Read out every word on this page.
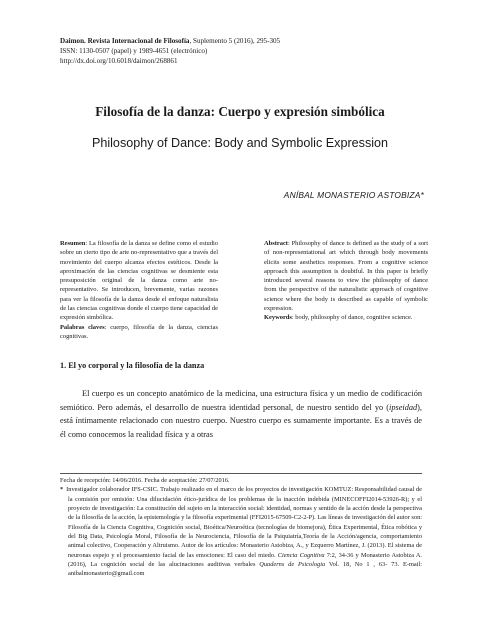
Daimon. Revista Internacional de Filosofía, Suplemento 5 (2016), 295-305
ISSN: 1130-0507 (papel) y 1989-4651 (electrónico)
http://dx.doi.org/10.6018/daimon/268861
Filosofía de la danza: Cuerpo y expresión simbólica
Philosophy of Dance: Body and Symbolic Expression
ANÍBAL MONASTERIO ASTOBIZA*
Resumen: La filosofía de la danza se define como el estudio sobre un cierto tipo de arte no-representativo que a través del movimiento del cuerpo alcanza efectos estéticos. Desde la aproximación de las ciencias cognitivas se desmiente esta presuposición original de la danza como arte no-representativo. Se introducen, brevemente, varias razones para ver la filosofía de la danza desde el enfoque naturalista de las ciencias cognitivas donde el cuerpo tiene capacidad de expresión simbólica.
Palabras claves: cuerpo, filosofía de la danza, ciencias cognitivas.
Abstract: Philosophy of dance is defined as the study of a sort of non-representational art which through body movements elicits some aesthetics responses. From a cognitive science approach this assumption is doubtful. In this paper is briefly introduced several reasons to view the philosophy of dance from the perspective of the naturalistic approach of cognitive science where the body is described as capable of symbolic expression.
Keywords: body, philosophy of dance, cognitive science.
1. El yo corporal y la filosofía de la danza
El cuerpo es un concepto anatómico de la medicina, una estructura física y un medio de codificación semiótico. Pero además, el desarrollo de nuestra identidad personal, de nuestro sentido del yo (ipseidad), está íntimamente relacionado con nuestro cuerpo. Nuestro cuerpo es sumamente importante. Es a través de él como conocemos la realidad física y a otras

Fecha de recepción: 14/06/2016. Fecha de aceptación: 27/07/2016.

* Investigador colaborador IFS-CSIC. Trabajo realizado en el marco de los proyectos de investigación KOMTUZ: Responsabilidad causal de la comisión por omisión: Una dilucidación ético-jurídica de los problemas de la inacción indebida (MINECOFFI2014-53926-R); y el proyecto de investigación: La constitución del sujeto en la interacción social: identidad, normas y sentido de la acción desde la perspectiva de la filosofía de la acción, la epistemología y la filosofía experimental (FFI2015-67509-C2-2-P). Las líneas de investigación del autor son: Filosofía de la Ciencia Cognitiva, Cognición social, Bioética/Neuroética (tecnologías de biomejora), Ética Experimental, Ética robótica y del Big Data, Psicología Moral, Filosofía de la Neurociencia, Filosofía de la Psiquiatría,Teoría de la Acción/agencia, comportamiento animal colectivo, Cooperación y Altruismo. Autor de los artículos: Monasterio Astobiza, A., y Ezquerro Martínez, J. (2013). El sistema de neuronas espejo y el procesamiento facial de las emociones: El caso del miedo. Ciencia Cognitiva 7:2, 34-36 y Monasterio Astobiza A. (2016), La cognición social de las alucinaciones auditivas verbales Quaderns de Psicologia Vol. 18, No 1 , 63- 73. E-mail: anibalmonasterio@gmail.com
